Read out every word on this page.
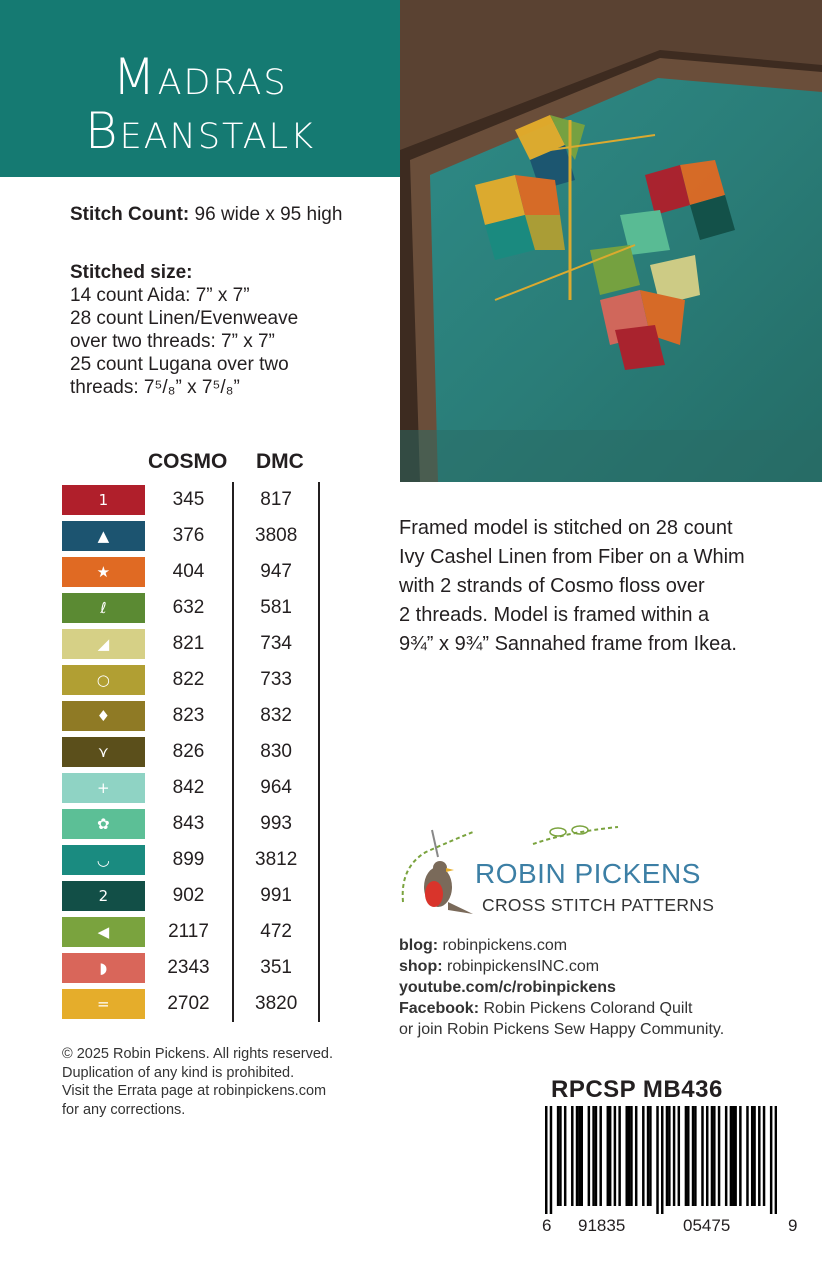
Madras
Beanstalk
Stitch Count: 96 wide x 95 high
Stitched size:
14 count Aida: 7” x 7”
28 count Linen/Evenweave
over two threads: 7” x 7”
25 count Lugana over two
threads: 7⁵/₈” x 7⁵/₈”
COSMO DMC
1	345	817
▲	376	3808
★	404	947
ℓ	632	581
◢	821	734
○	822	733
♦	823	832
⋎	826	830
+	842	964
✿	843	993
◡	899	3812
2	902	991
◀	2117	472
◗	2343	351
=	2702	3820
© 2025 Robin Pickens. All rights reserved.
Duplication of any kind is prohibited.
Visit the Errata page at robinpickens.com
for any corrections.
Framed model is stitched on 28 count
Ivy Cashel Linen from Fiber on a Whim
with 2 strands of Cosmo floss over
2 threads. Model is framed within a
9¾” x 9¾” Sannahed frame from Ikea.
ROBIN PICKENS
CROSS STITCH PATTERNS
blog: robinpickens.com
shop: robinpickensINC.com
youtube.com/c/robinpickens
Facebook: Robin Pickens Colorand Quilt
or join Robin Pickens Sew Happy Community.
RPCSP MB436
6 91835	05475	9
